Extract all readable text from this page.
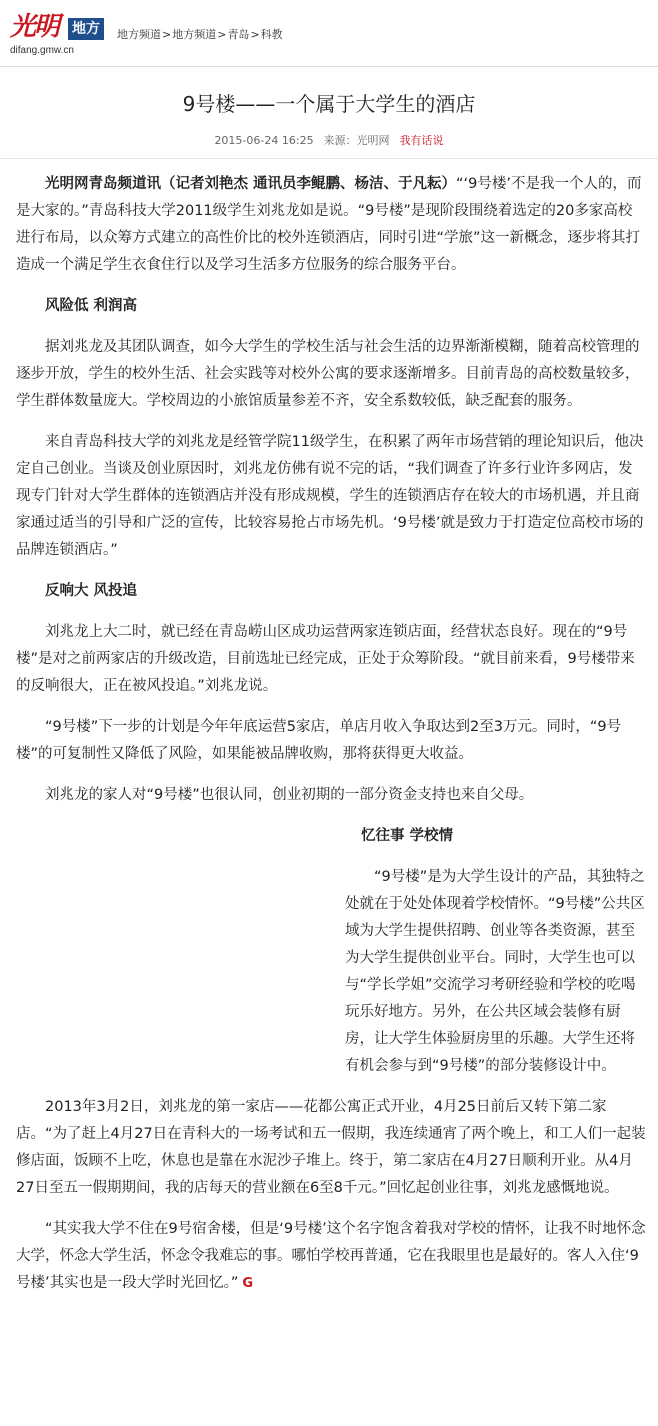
光明 地方
difang.gmw.cn
地方频道>地方频道>青岛>科教
9号楼——一个属于大学生的酒店
2015-06-24 16:25 来源：光明网 我有话说

光明网青岛频道讯（记者刘艳杰 通讯员李鲲鹏、杨洁、于凡耘）“‘9号楼’不是我一个人的，而是大家的。”青岛科技大学2011级学生刘兆龙如是说。“9号楼”是现阶段围绕着选定的20多家高校进行布局，以众筹方式建立的高性价比的校外连锁酒店，同时引进“学旅”这一新概念，逐步将其打造成一个满足学生衣食住行以及学习生活多方位服务的综合服务平台。

风险低 利润高

据刘兆龙及其团队调查，如今大学生的学校生活与社会生活的边界渐渐模糊，随着高校管理的逐步开放，学生的校外生活、社会实践等对校外公寓的要求逐渐增多。目前青岛的高校数量较多，学生群体数量庞大。学校周边的小旅馆质量参差不齐，安全系数较低，缺乏配套的服务。

来自青岛科技大学的刘兆龙是经管学院11级学生，在积累了两年市场营销的理论知识后，他决定自己创业。当谈及创业原因时，刘兆龙仿佛有说不完的话，“我们调查了许多行业许多网店，发现专门针对大学生群体的连锁酒店并没有形成规模，学生的连锁酒店存在较大的市场机遇，并且商家通过适当的引导和广泛的宣传，比较容易抢占市场先机。‘9号楼’就是致力于打造定位高校市场的品牌连锁酒店。”

反响大 风投追

刘兆龙上大二时，就已经在青岛崂山区成功运营两家连锁店面，经营状态良好。现在的“9号楼”是对之前两家店的升级改造，目前选址已经完成，正处于众筹阶段。“就目前来看，9号楼带来的反响很大，正在被风投追。”刘兆龙说。

“9号楼”下一步的计划是今年年底运营5家店，单店月收入争取达到2至3万元。同时，“9号楼”的可复制性又降低了风险，如果能被品牌收购，那将获得更大收益。

刘兆龙的家人对“9号楼”也很认同，创业初期的一部分资金支持也来自父母。

忆往事 学校情

“9号楼”是为大学生设计的产品，其独特之处就在于处处体现着学校情怀。“9号楼”公共区域为大学生提供招聘、创业等各类资源，甚至为大学生提供创业平台。同时，大学生也可以与“学长学姐”交流学习考研经验和学校的吃喝玩乐好地方。另外，在公共区域会装修有厨房，让大学生体验厨房里的乐趣。大学生还将有机会参与到“9号楼”的部分装修设计中。

2013年3月2日，刘兆龙的第一家店——花都公寓正式开业，4月25日前后又转下第二家店。“为了赶上4月27日在青科大的一场考试和五一假期，我连续通宵了两个晚上，和工人们一起装修店面，饭顾不上吃，休息也是靠在水泥沙子堆上。终于，第二家店在4月27日顺利开业。从4月27日至五一假期期间，我的店每天的营业额在6至8千元。”回忆起创业往事，刘兆龙感慨地说。

“其实我大学不住在9号宿舍楼，但是‘9号楼’这个名字饱含着我对学校的情怀，让我不时地怀念大学，怀念大学生活，怀念令我难忘的事。哪怕学校再普通，它在我眼里也是最好的。客人入住‘9号楼’其实也是一段大学时光回忆。” G
